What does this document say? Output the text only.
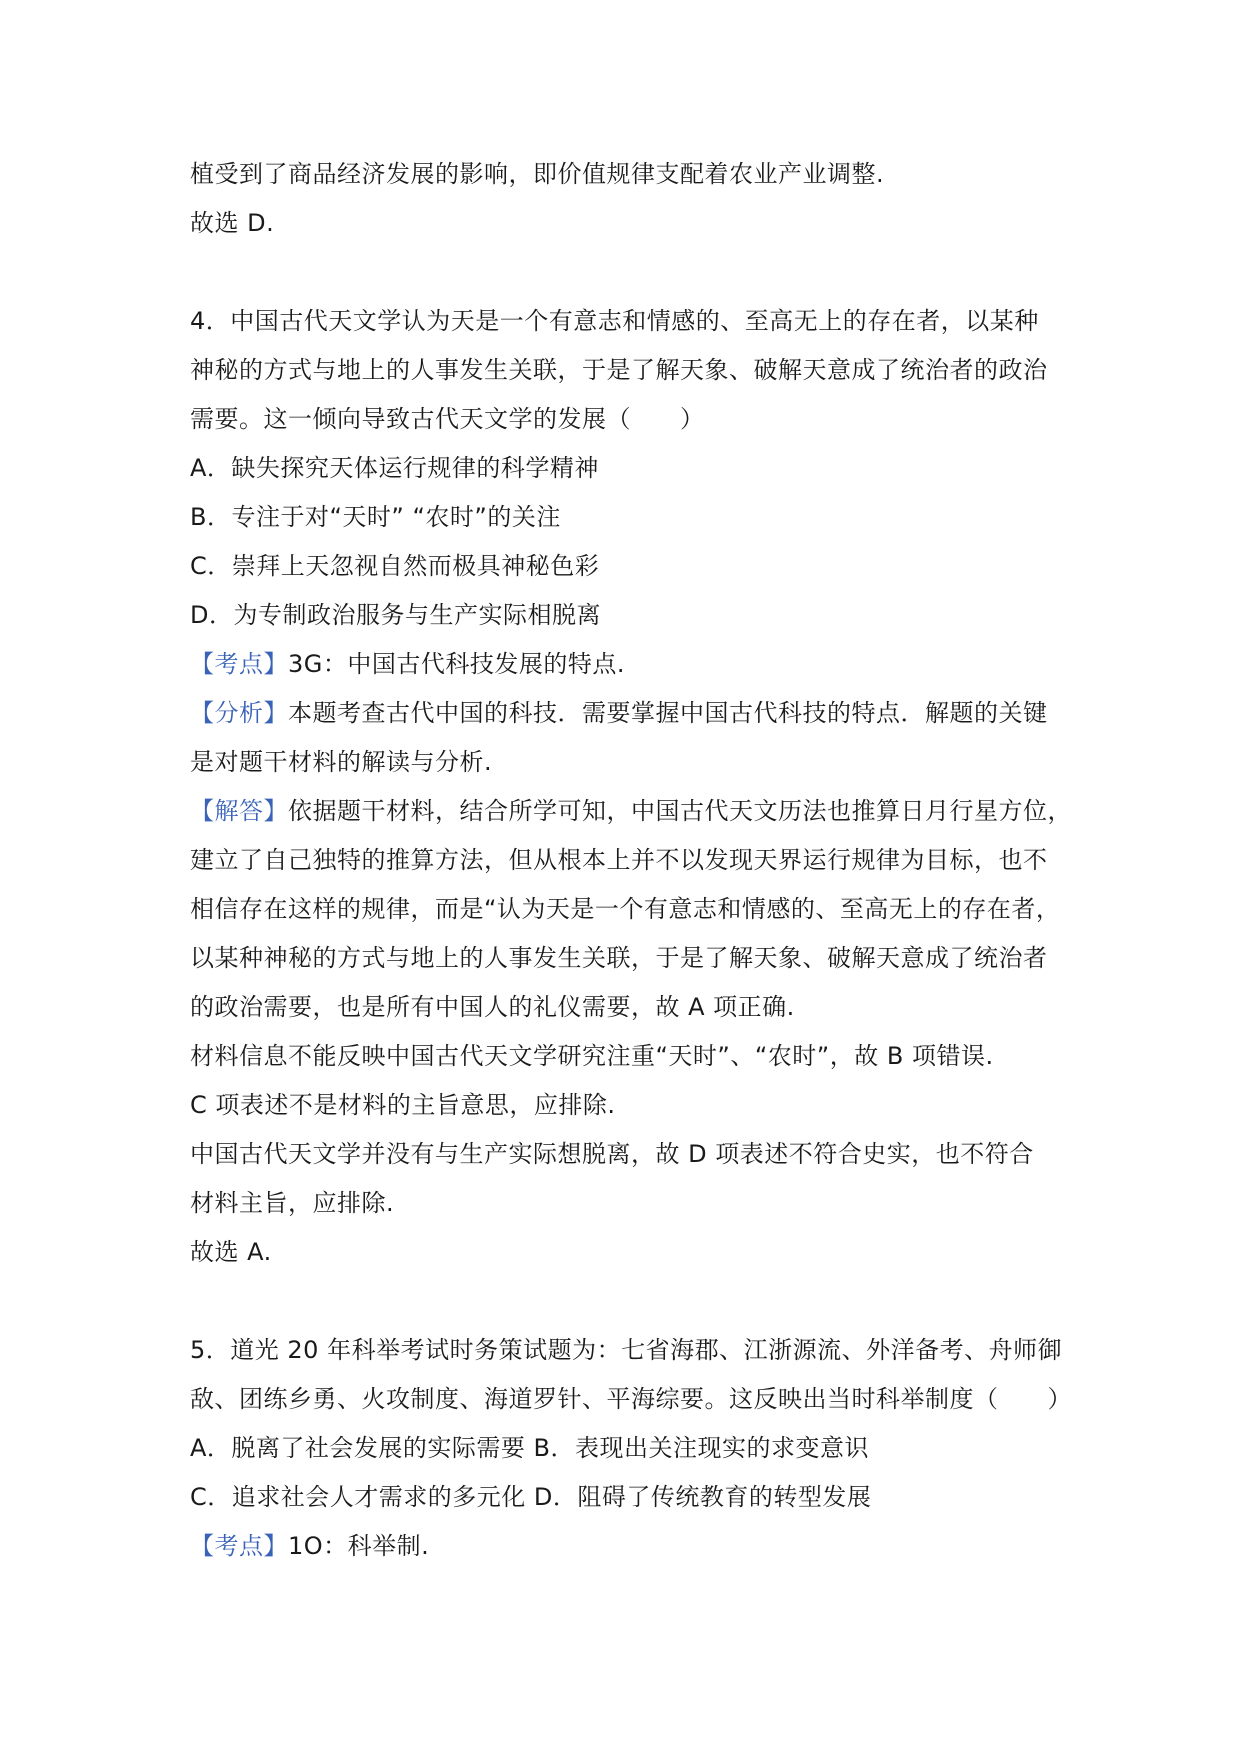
植受到了商品经济发展的影响，即价值规律支配着农业产业调整.
故选 D.
4．中国古代天文学认为天是一个有意志和情感的、至高无上的存在者，以某种
神秘的方式与地上的人事发生关联，于是了解天象、破解天意成了统治者的政治
需要。这一倾向导致古代天文学的发展（　　）
A．缺失探究天体运行规律的科学精神
B．专注于对“天时” “农时”的关注
C．崇拜上天忽视自然而极具神秘色彩
D．为专制政治服务与生产实际相脱离
【考点】3G：中国古代科技发展的特点.
【分析】本题考查古代中国的科技．需要掌握中国古代科技的特点．解题的关键
是对题干材料的解读与分析.
【解答】依据题干材料，结合所学可知，中国古代天文历法也推算日月行星方位，
建立了自己独特的推算方法，但从根本上并不以发现天界运行规律为目标，也不
相信存在这样的规律，而是“认为天是一个有意志和情感的、至高无上的存在者，
以某种神秘的方式与地上的人事发生关联，于是了解天象、破解天意成了统治者
的政治需要，也是所有中国人的礼仪需要，故 A 项正确.
材料信息不能反映中国古代天文学研究注重“天时”、“农时”，故 B 项错误.
C 项表述不是材料的主旨意思，应排除.
中国古代天文学并没有与生产实际想脱离，故 D 项表述不符合史实，也不符合
材料主旨，应排除.
故选 A.
5．道光 20 年科举考试时务策试题为：七省海郡、江浙源流、外洋备考、舟师御
敌、团练乡勇、火攻制度、海道罗针、平海综要。这反映出当时科举制度（　　）
A．脱离了社会发展的实际需要 B．表现出关注现实的求变意识
C．追求社会人才需求的多元化 D．阻碍了传统教育的转型发展
【考点】1O：科举制.
